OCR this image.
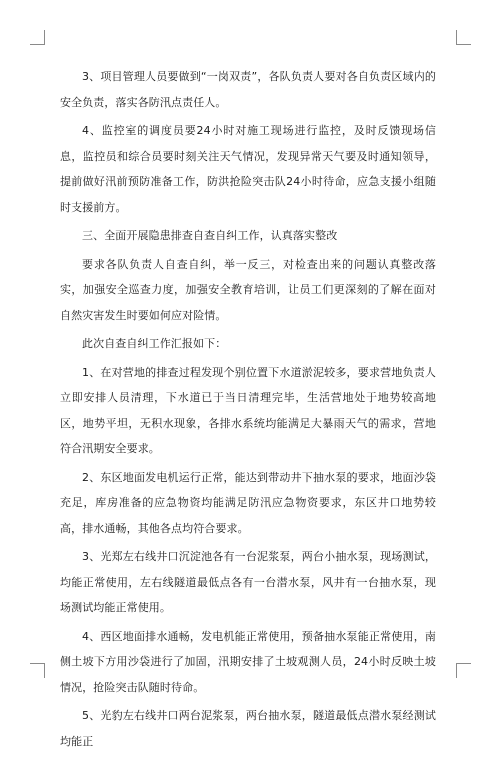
3、项目管理人员要做到“一岗双责”，各队负责人要对各自负责区域内的安全负责，落实各防汛点责任人。

4、监控室的调度员要24小时对施工现场进行监控，及时反馈现场信息，监控员和综合员要时刻关注天气情况，发现异常天气要及时通知领导，提前做好汛前预防准备工作，防洪抢险突击队24小时待命，应急支援小组随时支援前方。

三、全面开展隐患排查自查自纠工作，认真落实整改

要求各队负责人自查自纠，举一反三，对检查出来的问题认真整改落实，加强安全巡查力度，加强安全教育培训，让员工们更深刻的了解在面对自然灾害发生时要如何应对险情。

此次自查自纠工作汇报如下：

1、在对营地的排查过程发现个别位置下水道淤泥较多，要求营地负责人立即安排人员清理，下水道已于当日清理完毕，生活营地处于地势较高地区，地势平坦，无积水现象，各排水系统均能满足大暴雨天气的需求，营地符合汛期安全要求。

2、东区地面发电机运行正常，能达到带动井下抽水泵的要求，地面沙袋充足，库房准备的应急物资均能满足防汛应急物资要求，东区井口地势较高，排水通畅，其他各点均符合要求。

3、光郑左右线井口沉淀池各有一台泥浆泵，两台小抽水泵，现场测试，均能正常使用，左右线隧道最低点各有一台潜水泵，风井有一台抽水泵，现场测试均能正常使用。

4、西区地面排水通畅，发电机能正常使用，预备抽水泵能正常使用，南侧土坡下方用沙袋进行了加固，汛期安排了土坡观测人员，24小时反映土坡情况，抢险突击队随时待命。

5、光豹左右线井口两台泥浆泵，两台抽水泵，隧道最低点潜水泵经测试均能正
